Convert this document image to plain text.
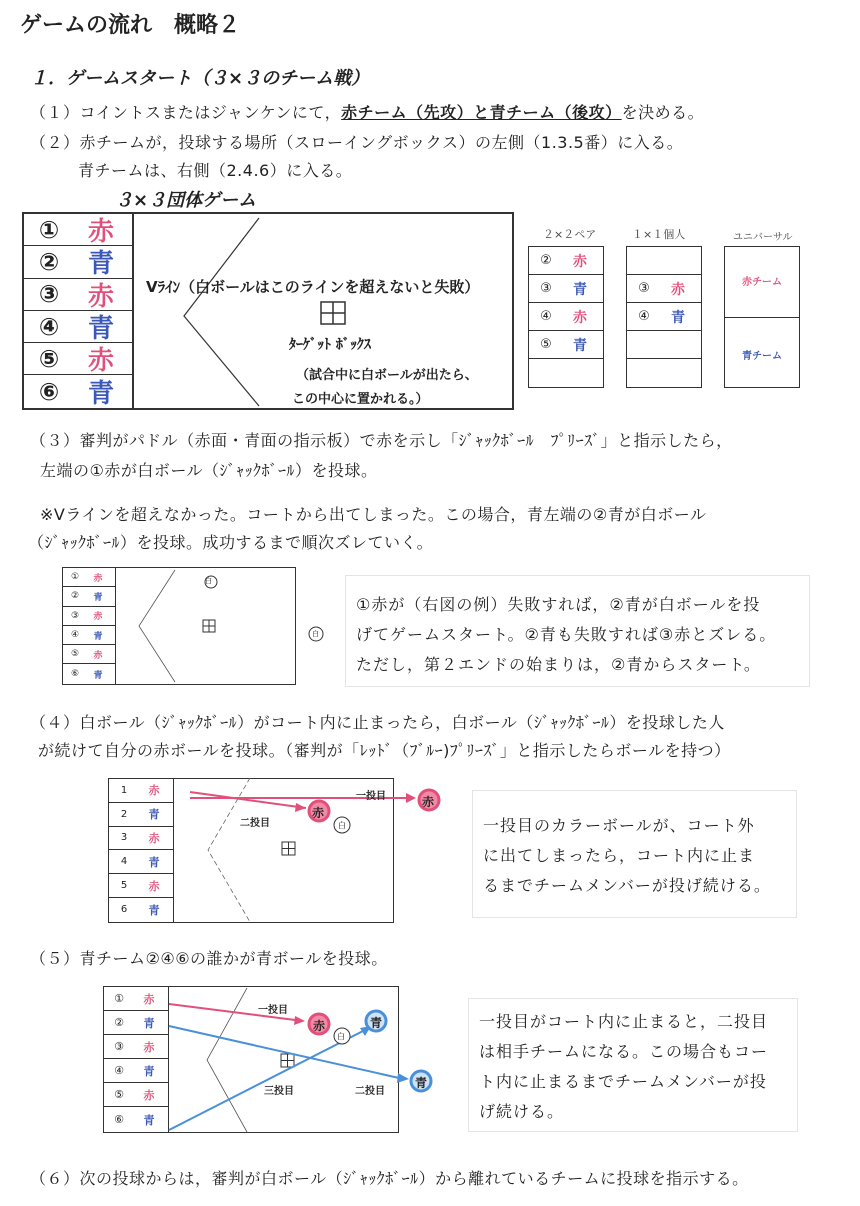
ゲームの流れ　概略２
１．ゲームスタート（３×３のチーム戦）
（１）コイントスまたはジャンケンにて，赤チーム（先攻）と青チーム（後攻）を決める。
（２）赤チームが，投球する場所（スローイングボックス）の左側（1.3.5番）に入る。
青チームは、右側（2.4.6）に入る。
３×３団体ゲーム
①	赤
②	青
③	赤
④	青
⑤	赤
⑥	青
Vﾗｲﾝ（白ボールはこのラインを超えないと失敗）
ﾀｰｹﾞｯﾄ ﾎﾞｯｸｽ
（試合中に白ボールが出たら、
この中心に置かれる。）
２×２ペア	１×１個人	ユニバーサル
②	赤
③	青
④	赤
⑤	青
③	赤
④	青
赤チーム
青チーム
（３）審判がパドル（赤面・青面の指示板）で赤を示し「ｼﾞｬｯｸﾎﾞｰﾙ　ﾌﾟﾘｰｽﾞ」と指示したら，
左端の①赤が白ボール（ｼﾞｬｯｸﾎﾞｰﾙ）を投球。
※Vラインを超えなかった。コートから出てしまった。この場合，青左端の②青が白ボール
（ｼﾞｬｯｸﾎﾞｰﾙ）を投球。成功するまで順次ズレていく。
①	赤
②	青
③	赤
④	青
⑤	赤
⑥	青
白
白
①赤が（右図の例）失敗すれば，②青が白ボールを投
げてゲームスタート。②青も失敗すれば③赤とズレる。
ただし，第２エンドの始まりは，②青からスタート。
（４）白ボール（ｼﾞｬｯｸﾎﾞｰﾙ）がコート内に止まったら，白ボール（ｼﾞｬｯｸﾎﾞｰﾙ）を投球した人
が続けて自分の赤ボールを投球。（審判が「ﾚｯﾄﾞ（ﾌﾞﾙｰ)ﾌﾟﾘｰｽﾞ」と指示したらボールを持つ）
1	赤
2	青
3	赤
4	青
5	赤
6	青
赤
白
赤
一投目
二投目	一投目のカラーボールが、コート外
に出てしまったら，コート内に止ま
るまでチームメンバーが投げ続ける。
（５）青チーム②④⑥の誰かが青ボールを投球。
①	赤
②	青
③	赤
④	青
⑤	赤
⑥	青
赤
白
青
青
一投目
三投目	二投目
一投目がコート内に止まると，二投目
は相手チームになる。この場合もコー
ト内に止まるまでチームメンバーが投
げ続ける。
（６）次の投球からは，審判が白ボール（ｼﾞｬｯｸﾎﾞｰﾙ）から離れているチームに投球を指示する。
